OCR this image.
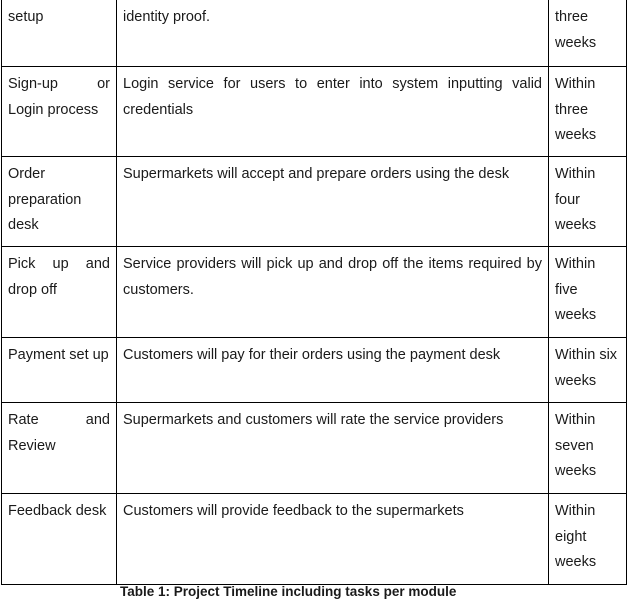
setup	identity proof.	three weeks
Sign-up or Login process	Login service for users to enter into system inputting valid credentials	Within three weeks
Order preparation desk	Supermarkets will accept and prepare orders using the desk	Within four weeks
Pick up and drop off	Service providers will pick up and drop off the items required by customers.	Within five weeks
Payment set up	Customers will pay for their orders using the payment desk	Within six weeks
Rate and Review	Supermarkets and customers will rate the service providers	Within seven weeks
Feedback desk	Customers will provide feedback to the supermarkets	Within eight weeks
Table 1: Project Timeline including tasks per module
